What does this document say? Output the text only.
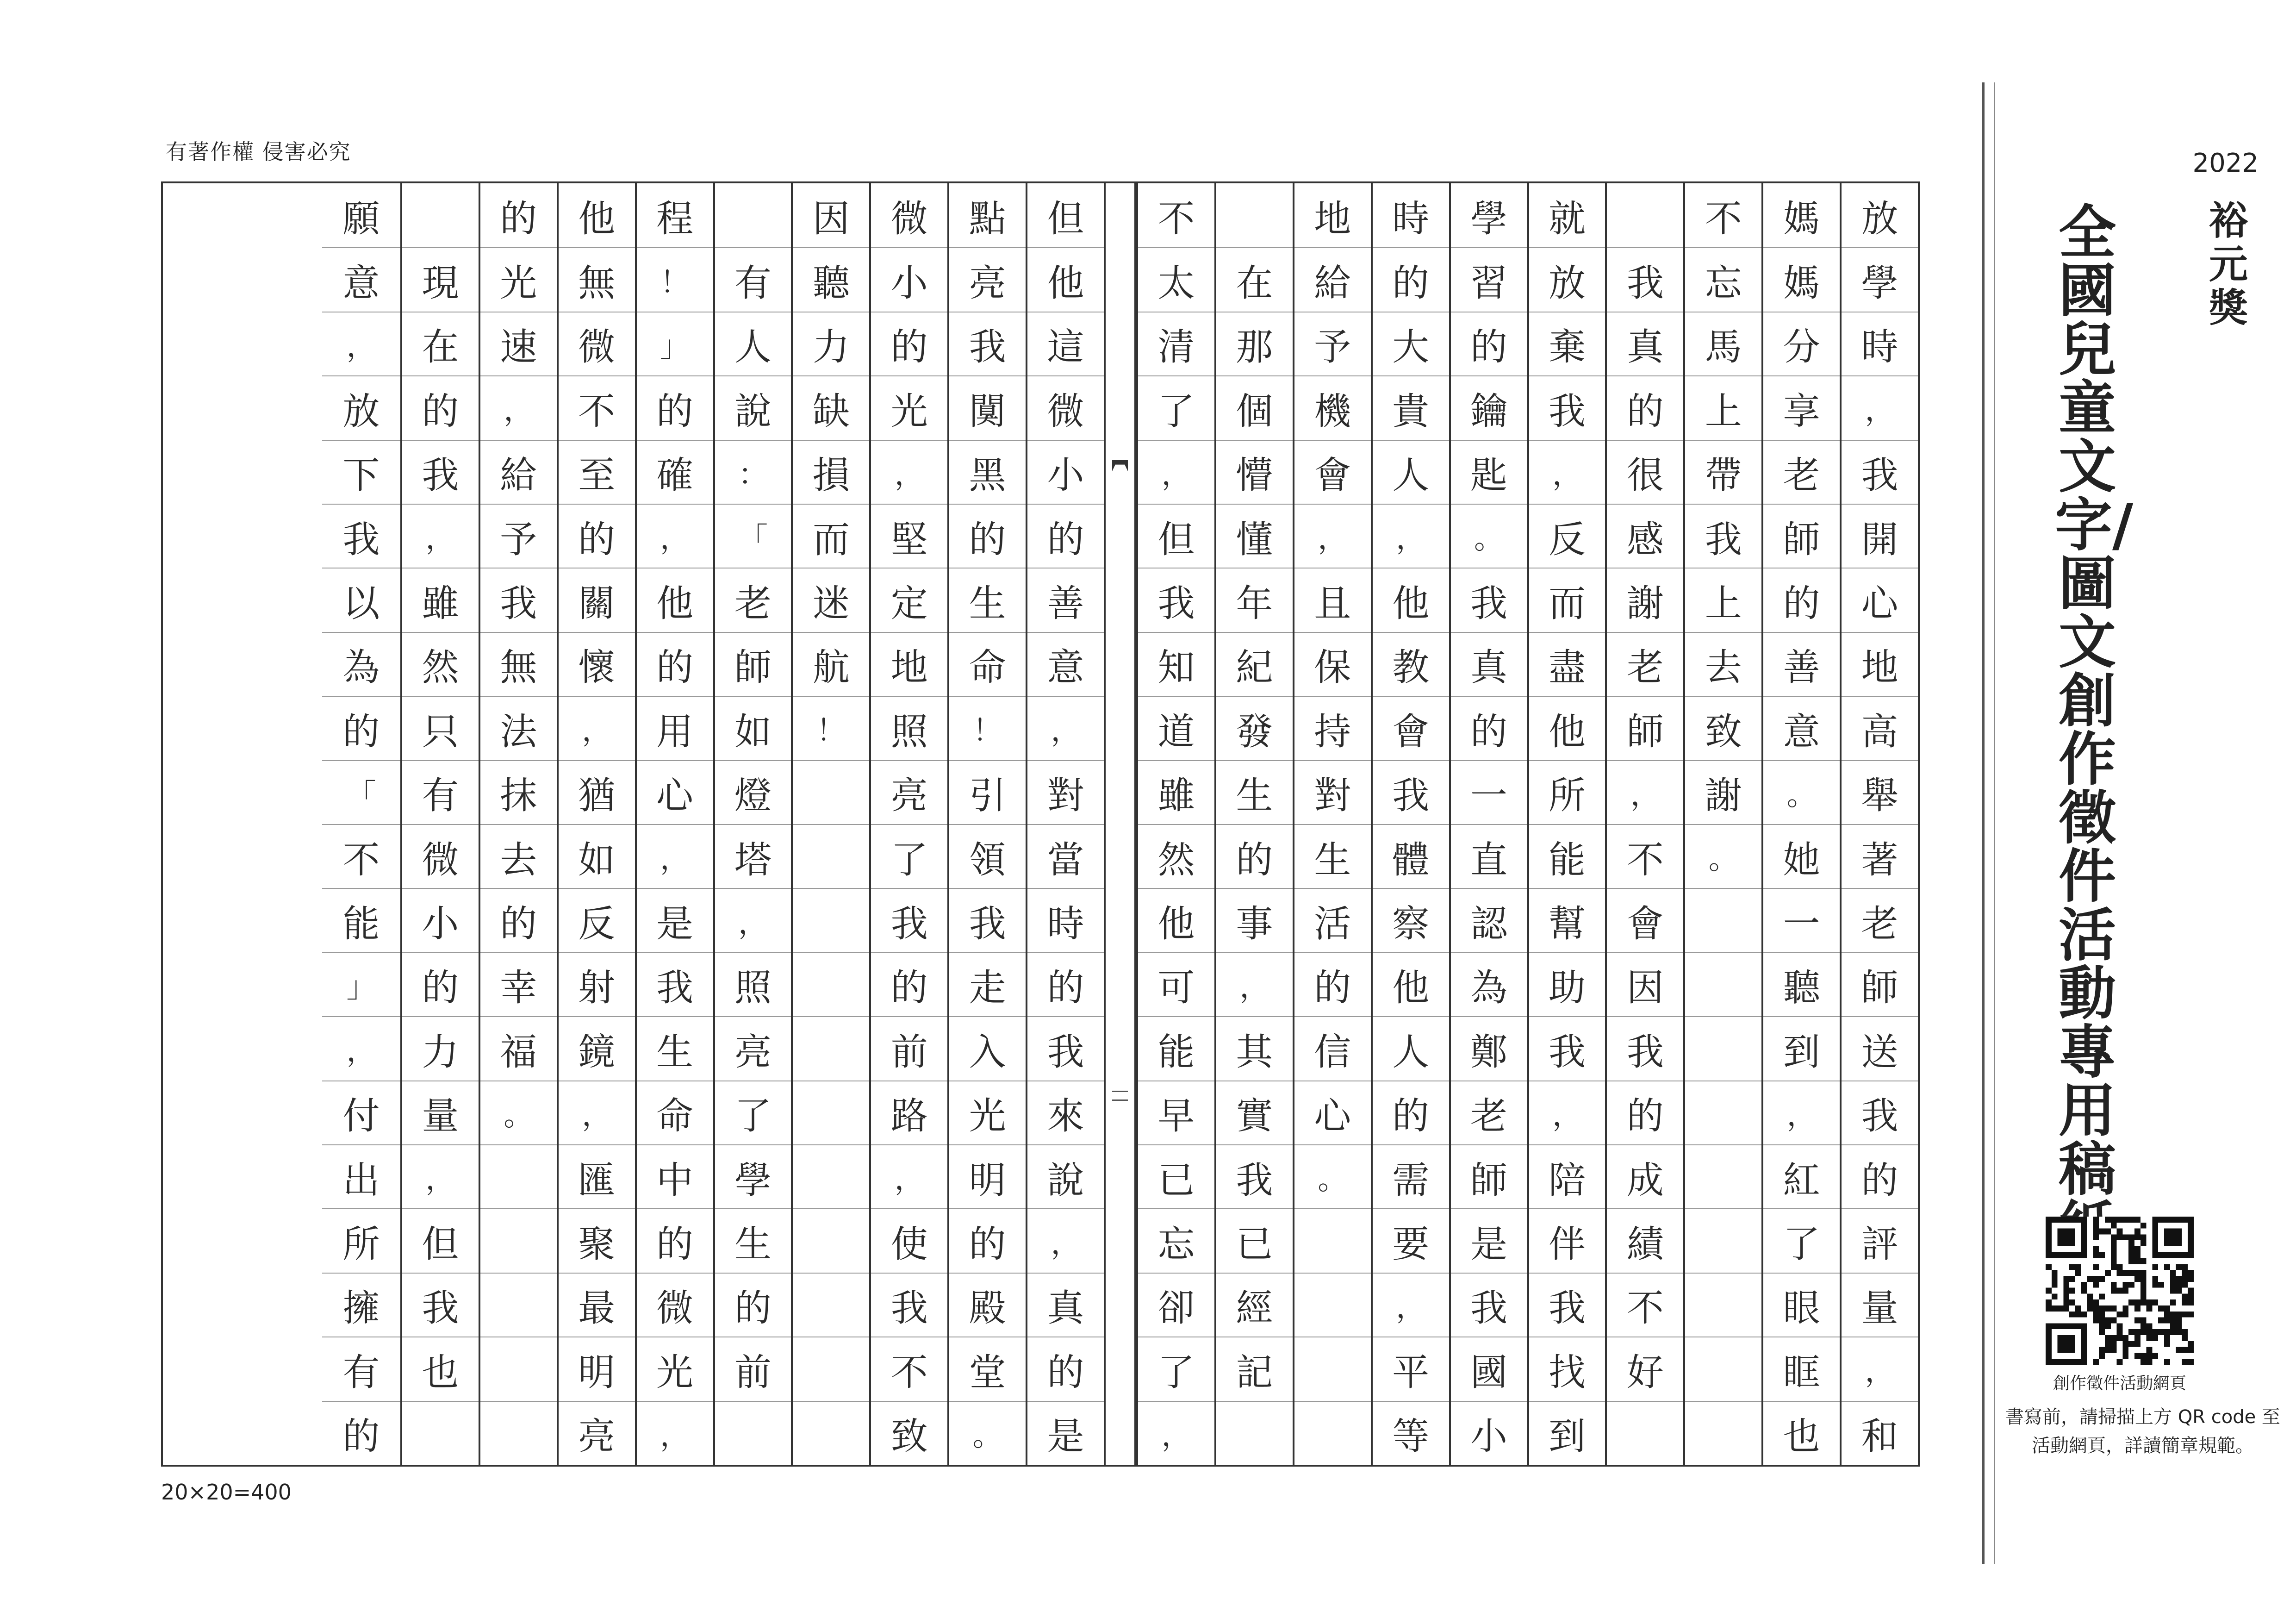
有著作權 侵害必究
放
學
時
，
我
開
心
地
高
舉
著
老
師
送
我
的
評
量
，
和
媽
媽
分
享
老
師
的
善
意
。
她
一
聽
到
，
紅
了
眼
眶
也
不
忘
馬
上
帶
我
上
去
致
謝
。

我
真
的
很
感
謝
老
師
，
不
會
因
我
的
成
績
不
好
就
放
棄
我
，
反
而
盡
他
所
能
幫
助
我
，
陪
伴
我
找
到
學
習
的
鑰
匙
。
我
真
的
一
直
認
為
鄭
老
師
是
我
國
小
時
的
大
貴
人
，
他
教
會
我
體
察
他
人
的
需
要
，
平
等
地
給
予
機
會
，
且
保
持
對
生
活
的
信
心
。

在
那
個
懵
懂
年
紀
發
生
的
事
，
其
實
我
已
經
記
不
太
清
了
，
但
我
知
道
雖
然
他
可
能
早
已
忘
卻
了
，
但
他
這
微
小
的
善
意
，
對
當
時
的
我
來
說
，
真
的
是
點
亮
我
闃
黑
的
生
命
！
引
領
我
走
入
光
明
的
殿
堂
。
微
小
的
光
，
堅
定
地
照
亮
了
我
的
前
路
，
使
我
不
致
因
聽
力
缺
損
而
迷
航
！

有
人
說
：
「
老
師
如
燈
塔
，
照
亮
了
學
生
的
前
程
！
」
的
確
，
他
的
用
心
，
是
我
生
命
中
的
微
光
，
他
無
微
不
至
的
關
懷
，
猶
如
反
射
鏡
，
匯
聚
最
明
亮
的
光
速
，
給
予
我
無
法
抹
去
的
幸
福
。

現
在
的
我
，
雖
然
只
有
微
小
的
力
量
，
但
我
也
願
意
，
放
下
我
以
為
的
「
不
能
」
，
付
出
所
擁
有
的
20×20=400
2022
裕元獎
全國兒童文字/圖文創作徵件活動專用稿
創作徵件活動網頁
書寫前，請掃描上方 QR code 至活動網頁，詳讀簡章規範。
